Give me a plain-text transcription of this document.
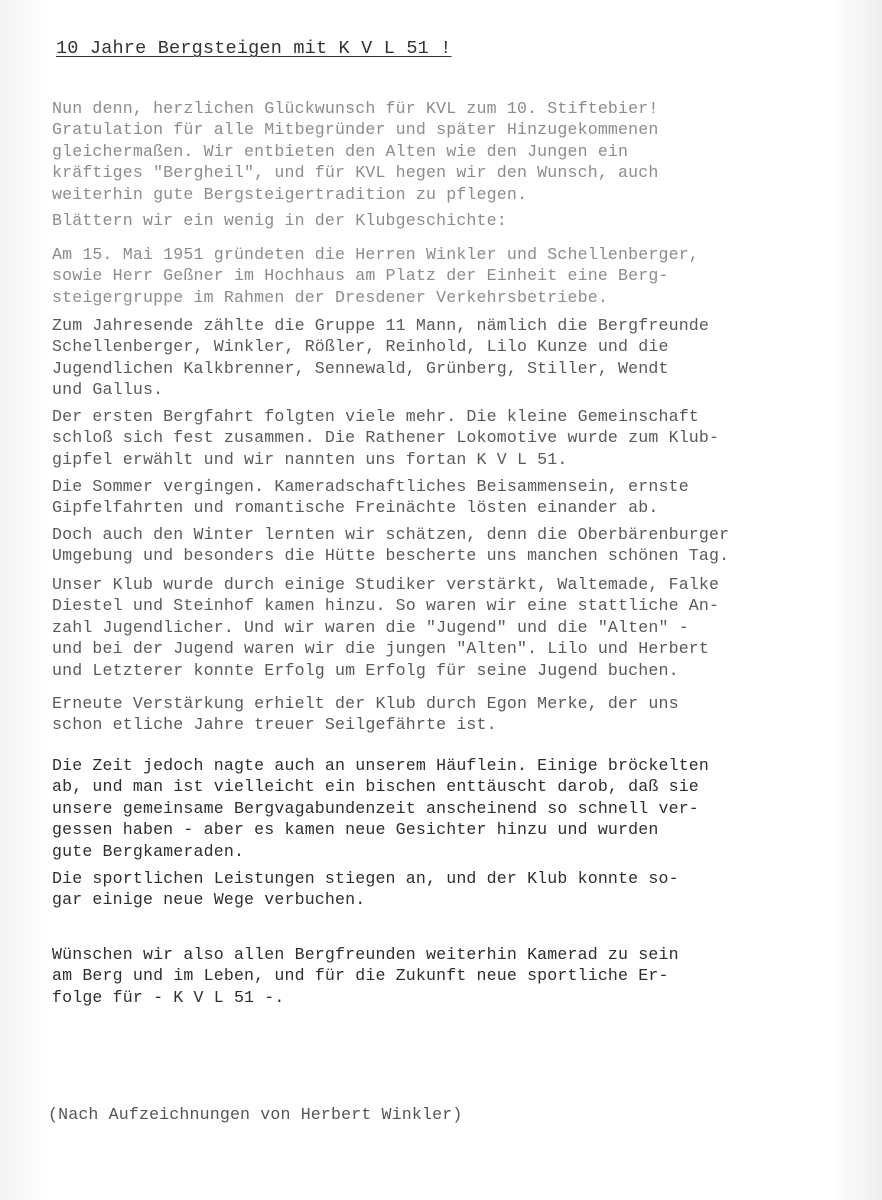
10 Jahre Bergsteigen mit K V L 51 !

Nun denn, herzlichen Glückwunsch für KVL zum 10. Stiftebier!
Gratulation für alle Mitbegründer und später Hinzugekommenen
gleichermaßen. Wir entbieten den Alten wie den Jungen ein
kräftiges "Bergheil", und für KVL hegen wir den Wunsch, auch
weiterhin gute Bergsteigertradition zu pflegen.

Blättern wir ein wenig in der Klubgeschichte:

Am 15. Mai 1951 gründeten die Herren Winkler und Schellenberger,
sowie Herr Geßner im Hochhaus am Platz der Einheit eine Berg-
steigergruppe im Rahmen der Dresdener Verkehrsbetriebe.

Zum Jahresende zählte die Gruppe 11 Mann, nämlich die Bergfreunde
Schellenberger, Winkler, Rößler, Reinhold, Lilo Kunze und die
Jugendlichen Kalkbrenner, Sennewald, Grünberg, Stiller, Wendt
und Gallus.

Der ersten Bergfahrt folgten viele mehr. Die kleine Gemeinschaft
schloß sich fest zusammen. Die Rathener Lokomotive wurde zum Klub-
gipfel erwählt und wir nannten uns fortan K V L 51.

Die Sommer vergingen. Kameradschaftliches Beisammensein, ernste
Gipfelfahrten und romantische Freinächte lösten einander ab.

Doch auch den Winter lernten wir schätzen, denn die Oberbärenburger
Umgebung und besonders die Hütte bescherte uns manchen schönen Tag.

Unser Klub wurde durch einige Studiker verstärkt, Waltemade, Falke
Diestel und Steinhof kamen hinzu. So waren wir eine stattliche An-
zahl Jugendlicher. Und wir waren die "Jugend" und die "Alten" -
und bei der Jugend waren wir die jungen "Alten". Lilo und Herbert
und Letzterer konnte Erfolg um Erfolg für seine Jugend buchen.

Erneute Verstärkung erhielt der Klub durch Egon Merke, der uns
schon etliche Jahre treuer Seilgefährte ist.

Die Zeit jedoch nagte auch an unserem Häuflein. Einige bröckelten
ab, und man ist vielleicht ein bischen enttäuscht darob, daß sie
unsere gemeinsame Bergvagabundenzeit anscheinend so schnell ver-
gessen haben - aber es kamen neue Gesichter hinzu und wurden
gute Bergkameraden.

Die sportlichen Leistungen stiegen an, und der Klub konnte so-
gar einige neue Wege verbuchen.

Wünschen wir also allen Bergfreunden weiterhin Kamerad zu sein
am Berg und im Leben, und für die Zukunft neue sportliche Er-
folge für - K V L 51 -.

(Nach Aufzeichnungen von Herbert Winkler)
